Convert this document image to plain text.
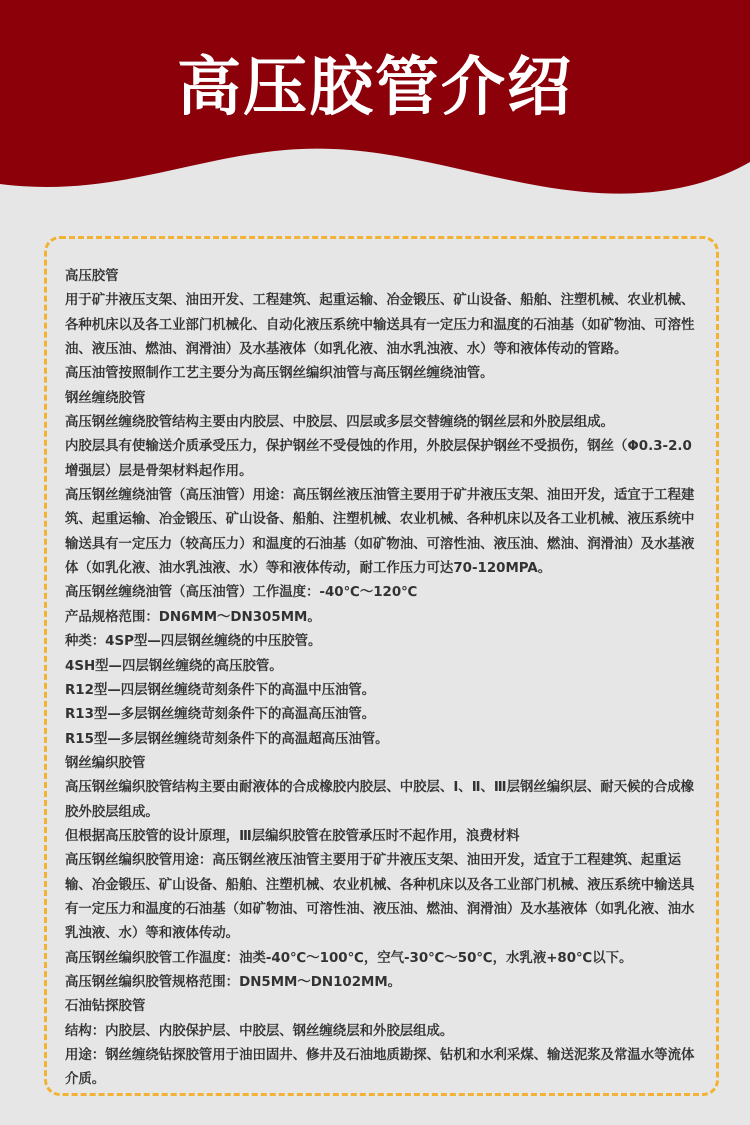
高压胶管介绍

高压胶管

用于矿井液压支架、油田开发、工程建筑、起重运输、冶金锻压、矿山设备、船舶、注塑机械、农业机械、各种机床以及各工业部门机械化、自动化液压系统中输送具有一定压力和温度的石油基（如矿物油、可溶性油、液压油、燃油、润滑油）及水基液体（如乳化液、油水乳浊液、水）等和液体传动的管路。

高压油管按照制作工艺主要分为高压钢丝编织油管与高压钢丝缠绕油管。

钢丝缠绕胶管

高压钢丝缠绕胶管结构主要由内胶层、中胶层、四层或多层交替缠绕的钢丝层和外胶层组成。

内胶层具有使输送介质承受压力，保护钢丝不受侵蚀的作用，外胶层保护钢丝不受损伤，钢丝（Φ0.3-2.0增强层）层是骨架材料起作用。

高压钢丝缠绕油管（高压油管）用途：高压钢丝液压油管主要用于矿井液压支架、油田开发，适宜于工程建筑、起重运输、冶金锻压、矿山设备、船舶、注塑机械、农业机械、各种机床以及各工业机械、液压系统中输送具有一定压力（较高压力）和温度的石油基（如矿物油、可溶性油、液压油、燃油、润滑油）及水基液体（如乳化液、油水乳浊液、水）等和液体传动，耐工作压力可达70-120MPA。

高压钢丝缠绕油管（高压油管）工作温度：-40℃～120℃

产品规格范围：DN6MM～DN305MM。

种类：4SP型—四层钢丝缠绕的中压胶管。

4SH型—四层钢丝缠绕的高压胶管。

R12型—四层钢丝缠绕苛刻条件下的高温中压油管。

R13型—多层钢丝缠绕苛刻条件下的高温高压油管。

R15型—多层钢丝缠绕苛刻条件下的高温超高压油管。

钢丝编织胶管

高压钢丝编织胶管结构主要由耐液体的合成橡胶内胶层、中胶层、Ⅰ、Ⅱ、Ⅲ层钢丝编织层、耐天候的合成橡胶外胶层组成。

但根据高压胶管的设计原理，Ⅲ层编织胶管在胶管承压时不起作用，浪费材料

高压钢丝编织胶管用途：高压钢丝液压油管主要用于矿井液压支架、油田开发，适宜于工程建筑、起重运输、冶金锻压、矿山设备、船舶、注塑机械、农业机械、各种机床以及各工业部门机械、液压系统中输送具有一定压力和温度的石油基（如矿物油、可溶性油、液压油、燃油、润滑油）及水基液体（如乳化液、油水乳浊液、水）等和液体传动。

高压钢丝编织胶管工作温度：油类-40℃～100℃，空气-30℃～50℃，水乳液+80℃以下。

高压钢丝编织胶管规格范围：DN5MM～DN102MM。

石油钻探胶管

结构：内胶层、内胶保护层、中胶层、钢丝缠绕层和外胶层组成。

用途：钢丝缠绕钻探胶管用于油田固井、修井及石油地质勘探、钻机和水利采煤、输送泥浆及常温水等流体介质。
